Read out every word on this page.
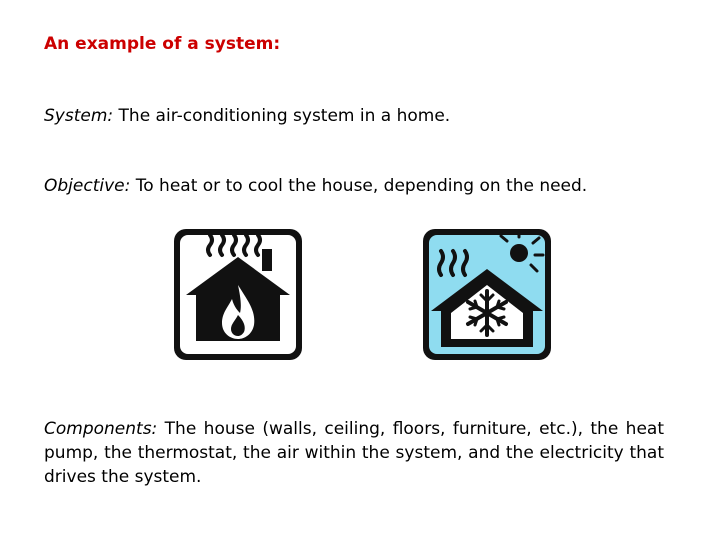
An example of a system:
System: The air-conditioning system in a home.
Objective: To heat or to cool the house, depending on the need.
Components: The house (walls, ceiling, floors, furniture, etc.), the heat pump, the thermostat, the air within the system, and the electricity that drives the system.
